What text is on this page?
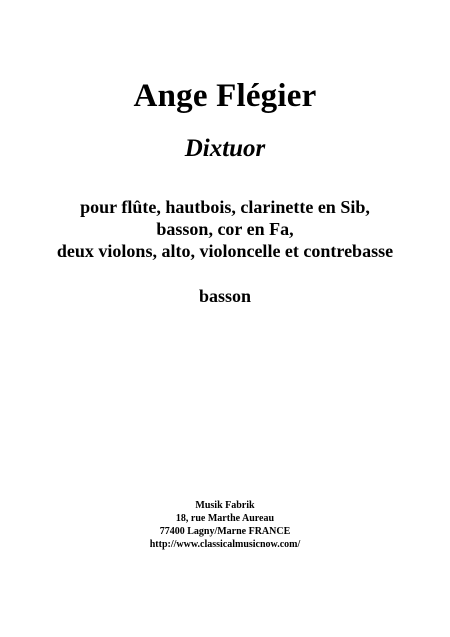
Ange Flégier
Dixtuor
pour flûte, hautbois, clarinette en Sib,
basson, cor en Fa,
deux violons, alto, violoncelle et contrebasse
basson
Musik Fabrik
18, rue Marthe Aureau
77400 Lagny/Marne FRANCE
http://www.classicalmusicnow.com/
